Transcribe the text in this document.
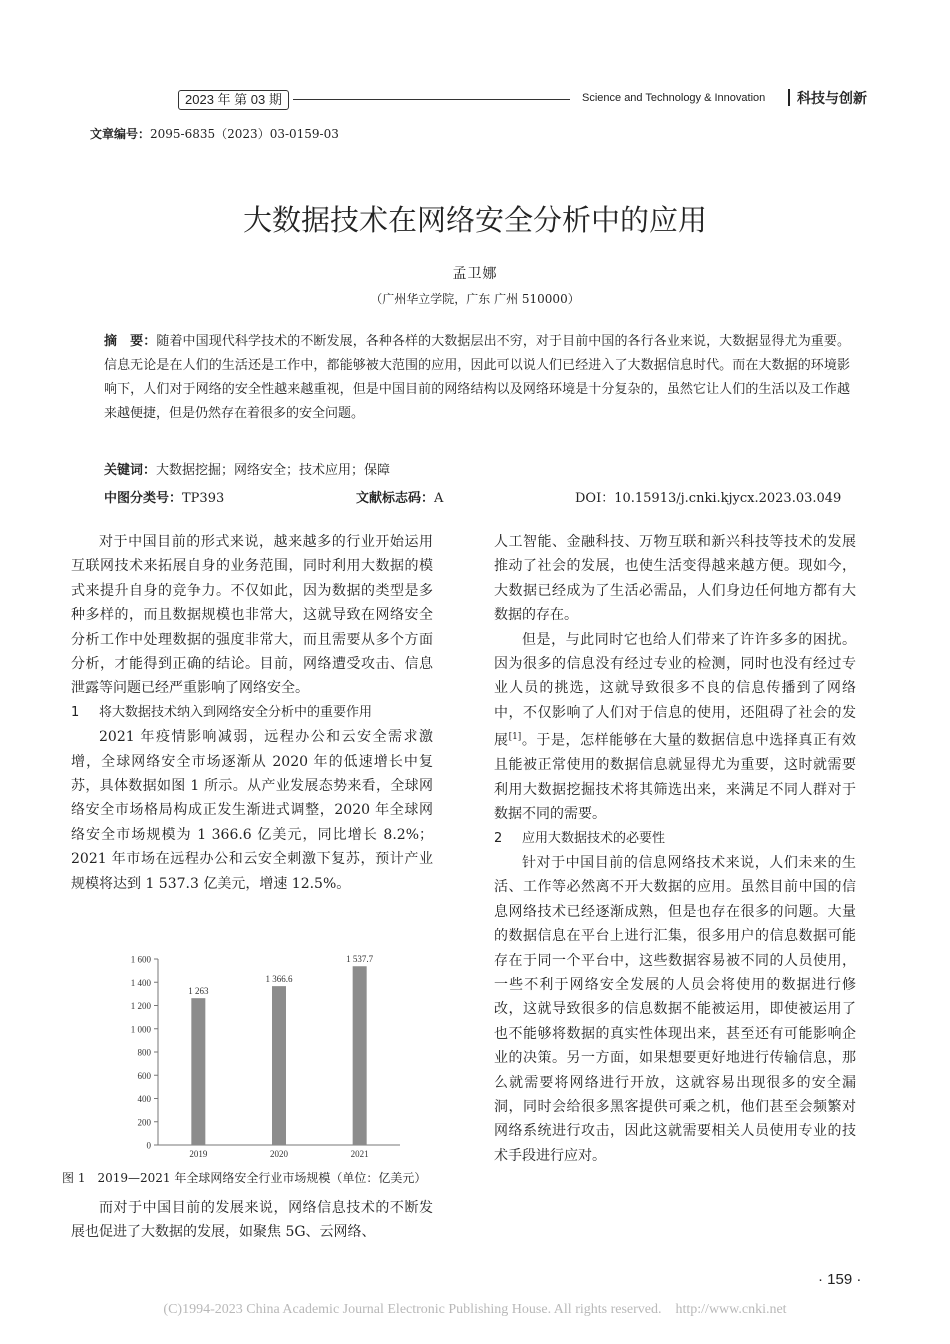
2023 年 第 03 期	Science and Technology & Innovation 科技与创新
文章编号：2095-6835（2023）03-0159-03
大数据技术在网络安全分析中的应用
孟卫娜
（广州华立学院，广东 广州 510000）
摘　要：随着中国现代科学技术的不断发展，各种各样的大数据层出不穷，对于目前中国的各行各业来说，大数据显得尤为重要。信息无论是在人们的生活还是工作中，都能够被大范围的应用，因此可以说人们已经进入了大数据信息时代。而在大数据的环境影响下，人们对于网络的安全性越来越重视，但是中国目前的网络结构以及网络环境是十分复杂的，虽然它让人们的生活以及工作越来越便捷，但是仍然存在着很多的安全问题。
关键词：大数据挖掘；网络安全；技术应用；保障
中图分类号：TP393	文献标志码：A	DOI：10.15913/j.cnki.kjycx.2023.03.049

对于中国目前的形式来说，越来越多的行业开始运用互联网技术来拓展自身的业务范围，同时利用大数据的模式来提升自身的竞争力。不仅如此，因为数据的类型是多种多样的，而且数据规模也非常大，这就导致在网络安全分析工作中处理数据的强度非常大，而且需要从多个方面分析，才能得到正确的结论。目前，网络遭受攻击、信息泄露等问题已经严重影响了网络安全。

1 将大数据技术纳入到网络安全分析中的重要作用

2021 年疫情影响减弱，远程办公和云安全需求激增，全球网络安全市场逐渐从 2020 年的低速增长中复苏，具体数据如图 1 所示。从产业发展态势来看，全球网络安全市场格局构成正发生渐进式调整，2020 年全球网络安全市场规模为 1 366.6 亿美元，同比增长 8.2%；2021 年市场在远程办公和云安全刺激下复苏，预计产业规模将达到 1 537.3 亿美元，增速 12.5%。

0
200
400
600
800
1 000
1 200
1 400
1 600
1 263
2019
1 366.6
2020
1 537.7
2021
图 1　2019—2021 年全球网络安全行业市场规模（单位：亿美元）

而对于中国目前的发展来说，网络信息技术的不断发展也促进了大数据的发展，如聚焦 5G、云网络、

人工智能、金融科技、万物互联和新兴科技等技术的发展推动了社会的发展，也使生活变得越来越方便。现如今，大数据已经成为了生活必需品，人们身边任何地方都有大数据的存在。

但是，与此同时它也给人们带来了许许多多的困扰。因为很多的信息没有经过专业的检测，同时也没有经过专业人员的挑选，这就导致很多不良的信息传播到了网络中，不仅影响了人们对于信息的使用，还阻碍了社会的发展[1]。于是，怎样能够在大量的数据信息中选择真正有效且能被正常使用的数据信息就显得尤为重要，这时就需要利用大数据挖掘技术将其筛选出来，来满足不同人群对于数据不同的需要。

2 应用大数据技术的必要性

针对于中国目前的信息网络技术来说，人们未来的生活、工作等必然离不开大数据的应用。虽然目前中国的信息网络技术已经逐渐成熟，但是也存在很多的问题。大量的数据信息在平台上进行汇集，很多用户的信息数据可能存在于同一个平台中，这些数据容易被不同的人员使用，一些不利于网络安全发展的人员会将使用的数据进行修改，这就导致很多的信息数据不能被运用，即使被运用了也不能够将数据的真实性体现出来，甚至还有可能影响企业的决策。另一方面，如果想要更好地进行传输信息，那么就需要将网络进行开放，这就容易出现很多的安全漏洞，同时会给很多黑客提供可乘之机，他们甚至会频繁对网络系统进行攻击，因此这就需要相关人员使用专业的技术手段进行应对。

· 159 ·
(C)1994-2023 China Academic Journal Electronic Publishing House. All rights reserved.　http://www.cnki.net
